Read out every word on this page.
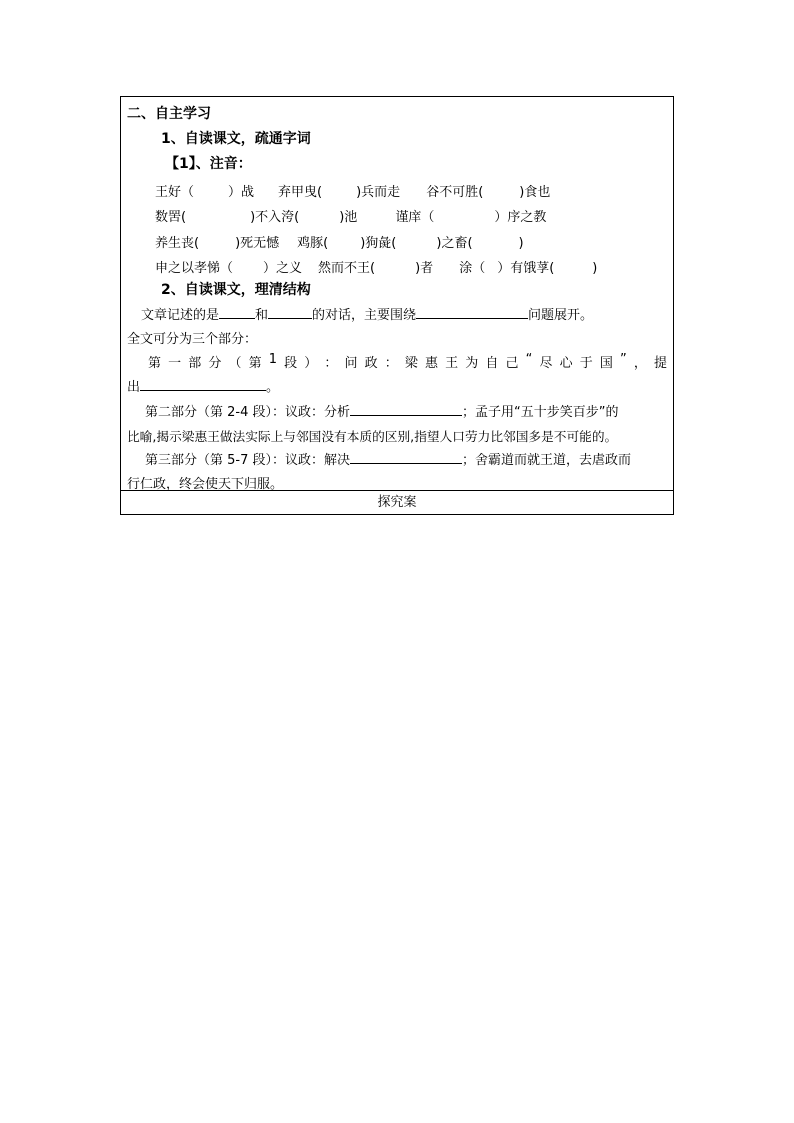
二、自主学习
1、自读课文，疏通字词
【1】、注音：
王好（	）战 弃甲曳(	)兵而走 谷不可胜(	)食也
数罟(	)不入洿(	)池	谨庠（	）序之教
养生丧(	)死无憾 鸡豚( )狗彘(	)之畜(	)
申之以孝悌（ ）之义 然而不王(	)者 涂（ ）有饿莩(	)
2、自读课文，理清结构
文章记述的是	和	的对话，主要围绕	问题展开。
全文可分为三个部分：
第 一 部 分 （ 第 1 段 ） ： 问 政 ： 梁 惠 王 为 自 己 “ 尽 心 于 国 ” ， 提
出	。
第二部分（第 2-4 段）：议政：分析	；孟子用“五十步笑百步”的
比喻,揭示梁惠王做法实际上与邻国没有本质的区别,指望人口劳力比邻国多是不可能的。
第三部分（第 5-7 段）：议政：解决	；舍霸道而就王道，去虐政而
行仁政，终会使天下归服。
探究案
